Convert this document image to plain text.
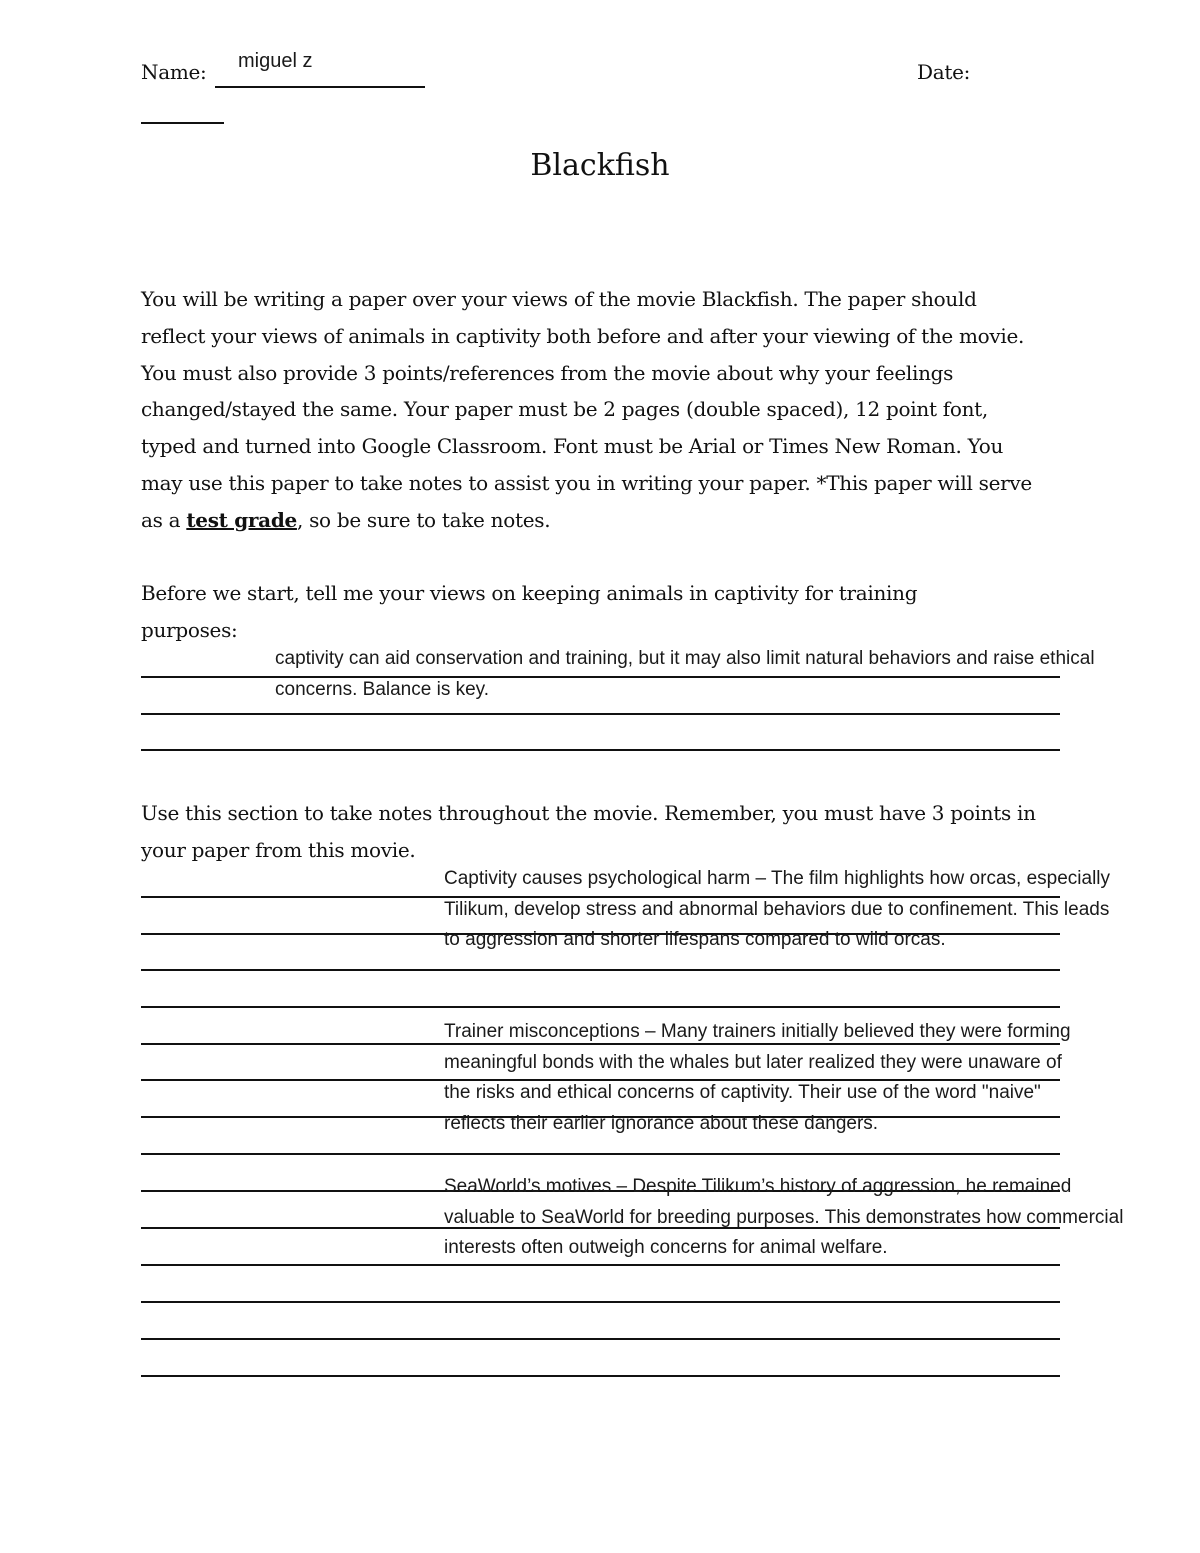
Name: miguel z	Date:
Blackfish

You will be writing a paper over your views of the movie Blackfish. The paper should reflect your views of animals in captivity both before and after your viewing of the movie. You must also provide 3 points/references from the movie about why your feelings changed/stayed the same. Your paper must be 2 pages (double spaced), 12 point font, typed and turned into Google Classroom. Font must be Arial or Times New Roman. You may use this paper to take notes to assist you in writing your paper. *This paper will serve as a test grade, so be sure to take notes.

Before we start, tell me your views on keeping animals in captivity for training purposes:

captivity can aid conservation and training, but it may also limit natural behaviors and raise ethical concerns. Balance is key.

Use this section to take notes throughout the movie. Remember, you must have 3 points in your paper from this movie.

Captivity causes psychological harm – The film highlights how orcas, especially Tilikum, develop stress and abnormal behaviors due to confinement. This leads to aggression and shorter lifespans compared to wild orcas.

Trainer misconceptions – Many trainers initially believed they were forming meaningful bonds with the whales but later realized they were unaware of the risks and ethical concerns of captivity. Their use of the word "naive" reflects their earlier ignorance about these dangers.

SeaWorld’s motives – Despite Tilikum’s history of aggression, he remained valuable to SeaWorld for breeding purposes. This demonstrates how commercial interests often outweigh concerns for animal welfare.
